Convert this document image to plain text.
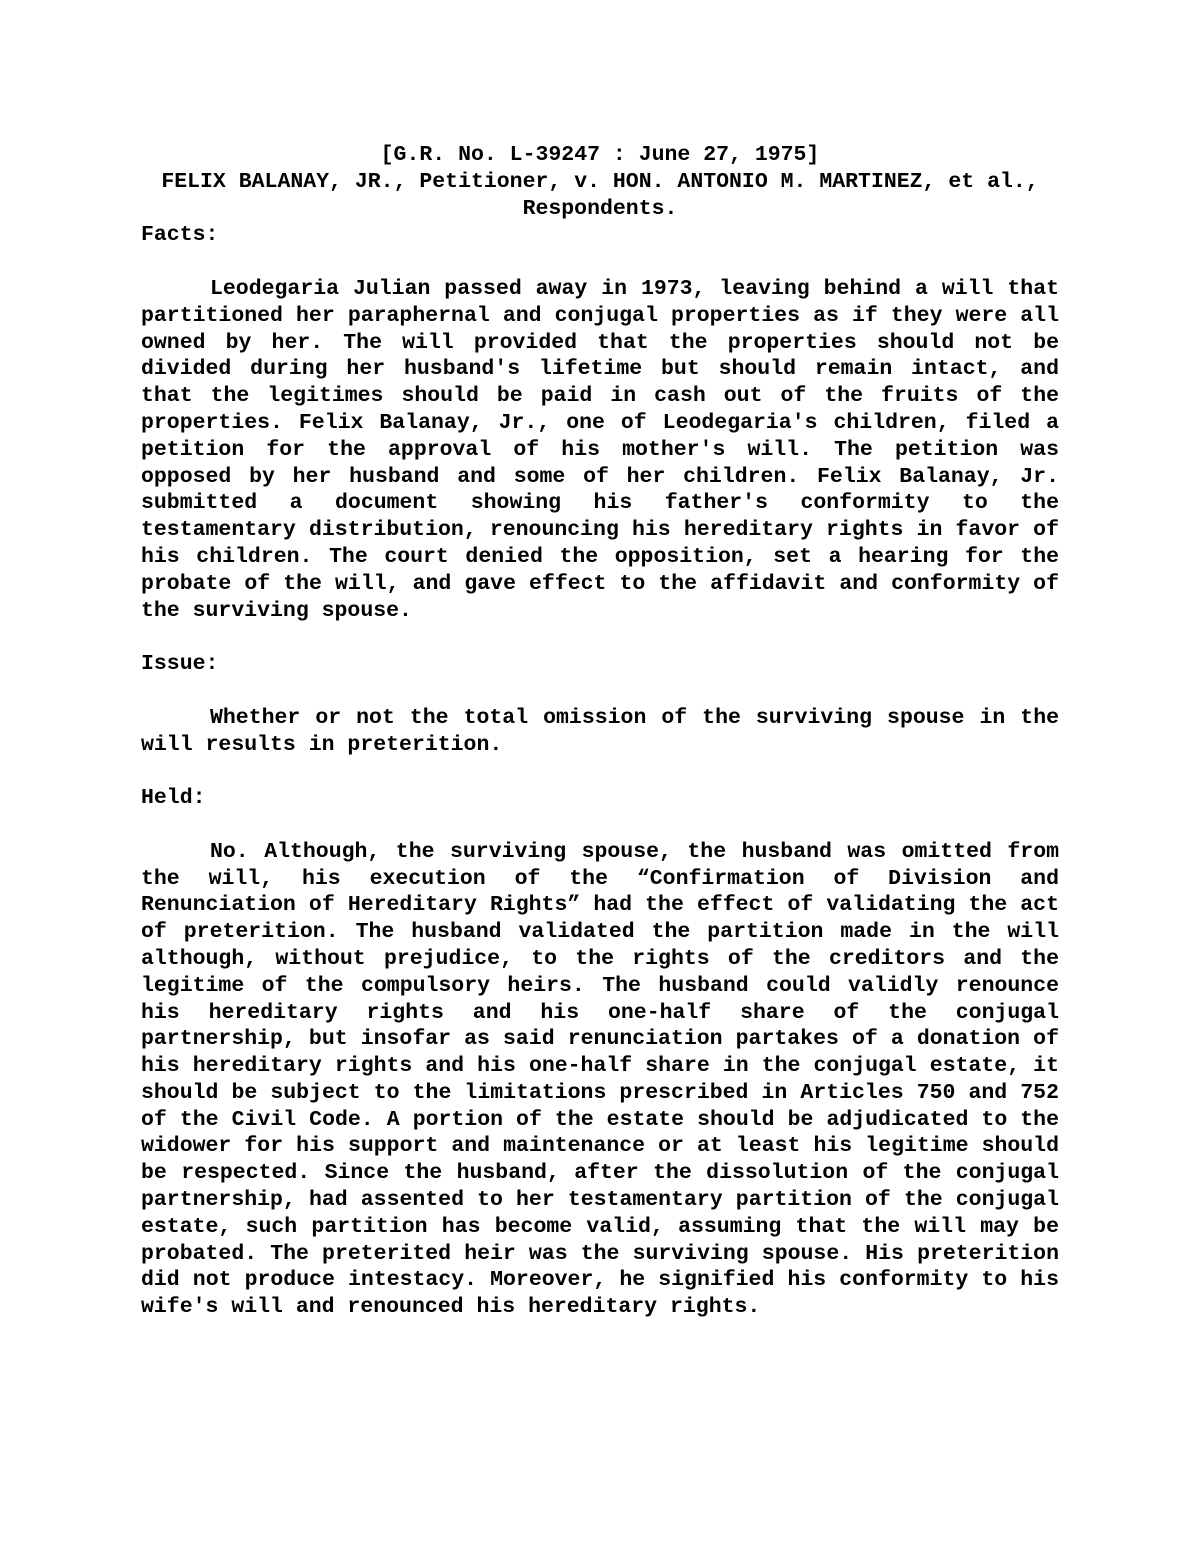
[G.R. No. L-39247 : June 27, 1975]
FELIX BALANAY, JR., Petitioner, v. HON. ANTONIO M. MARTINEZ, et al., Respondents.

Facts:

Leodegaria Julian passed away in 1973, leaving behind a will that partitioned her paraphernal and conjugal properties as if they were all owned by her. The will provided that the properties should not be divided during her husband's lifetime but should remain intact, and that the legitimes should be paid in cash out of the fruits of the properties. Felix Balanay, Jr., one of Leodegaria's children, filed a petition for the approval of his mother's will. The petition was opposed by her husband and some of her children. Felix Balanay, Jr. submitted a document showing his father's conformity to the testamentary distribution, renouncing his hereditary rights in favor of his children. The court denied the opposition, set a hearing for the probate of the will, and gave effect to the affidavit and conformity of the surviving spouse.

Issue:

Whether or not the total omission of the surviving spouse in the will results in preterition.

Held:

No. Although, the surviving spouse, the husband was omitted from the will, his execution of the “Confirmation of Division and Renunciation of Hereditary Rights” had the effect of validating the act of preterition. The husband validated the partition made in the will although, without prejudice, to the rights of the creditors and the legitime of the compulsory heirs. The husband could validly renounce his hereditary rights and his one-half share of the conjugal partnership, but insofar as said renunciation partakes of a donation of his hereditary rights and his one-half share in the conjugal estate, it should be subject to the limitations prescribed in Articles 750 and 752 of the Civil Code. A portion of the estate should be adjudicated to the widower for his support and maintenance or at least his legitime should be respected. Since the husband, after the dissolution of the conjugal partnership, had assented to her testamentary partition of the conjugal estate, such partition has become valid, assuming that the will may be probated. The preterited heir was the surviving spouse. His preterition did not produce intestacy. Moreover, he signified his conformity to his wife's will and renounced his hereditary rights.
